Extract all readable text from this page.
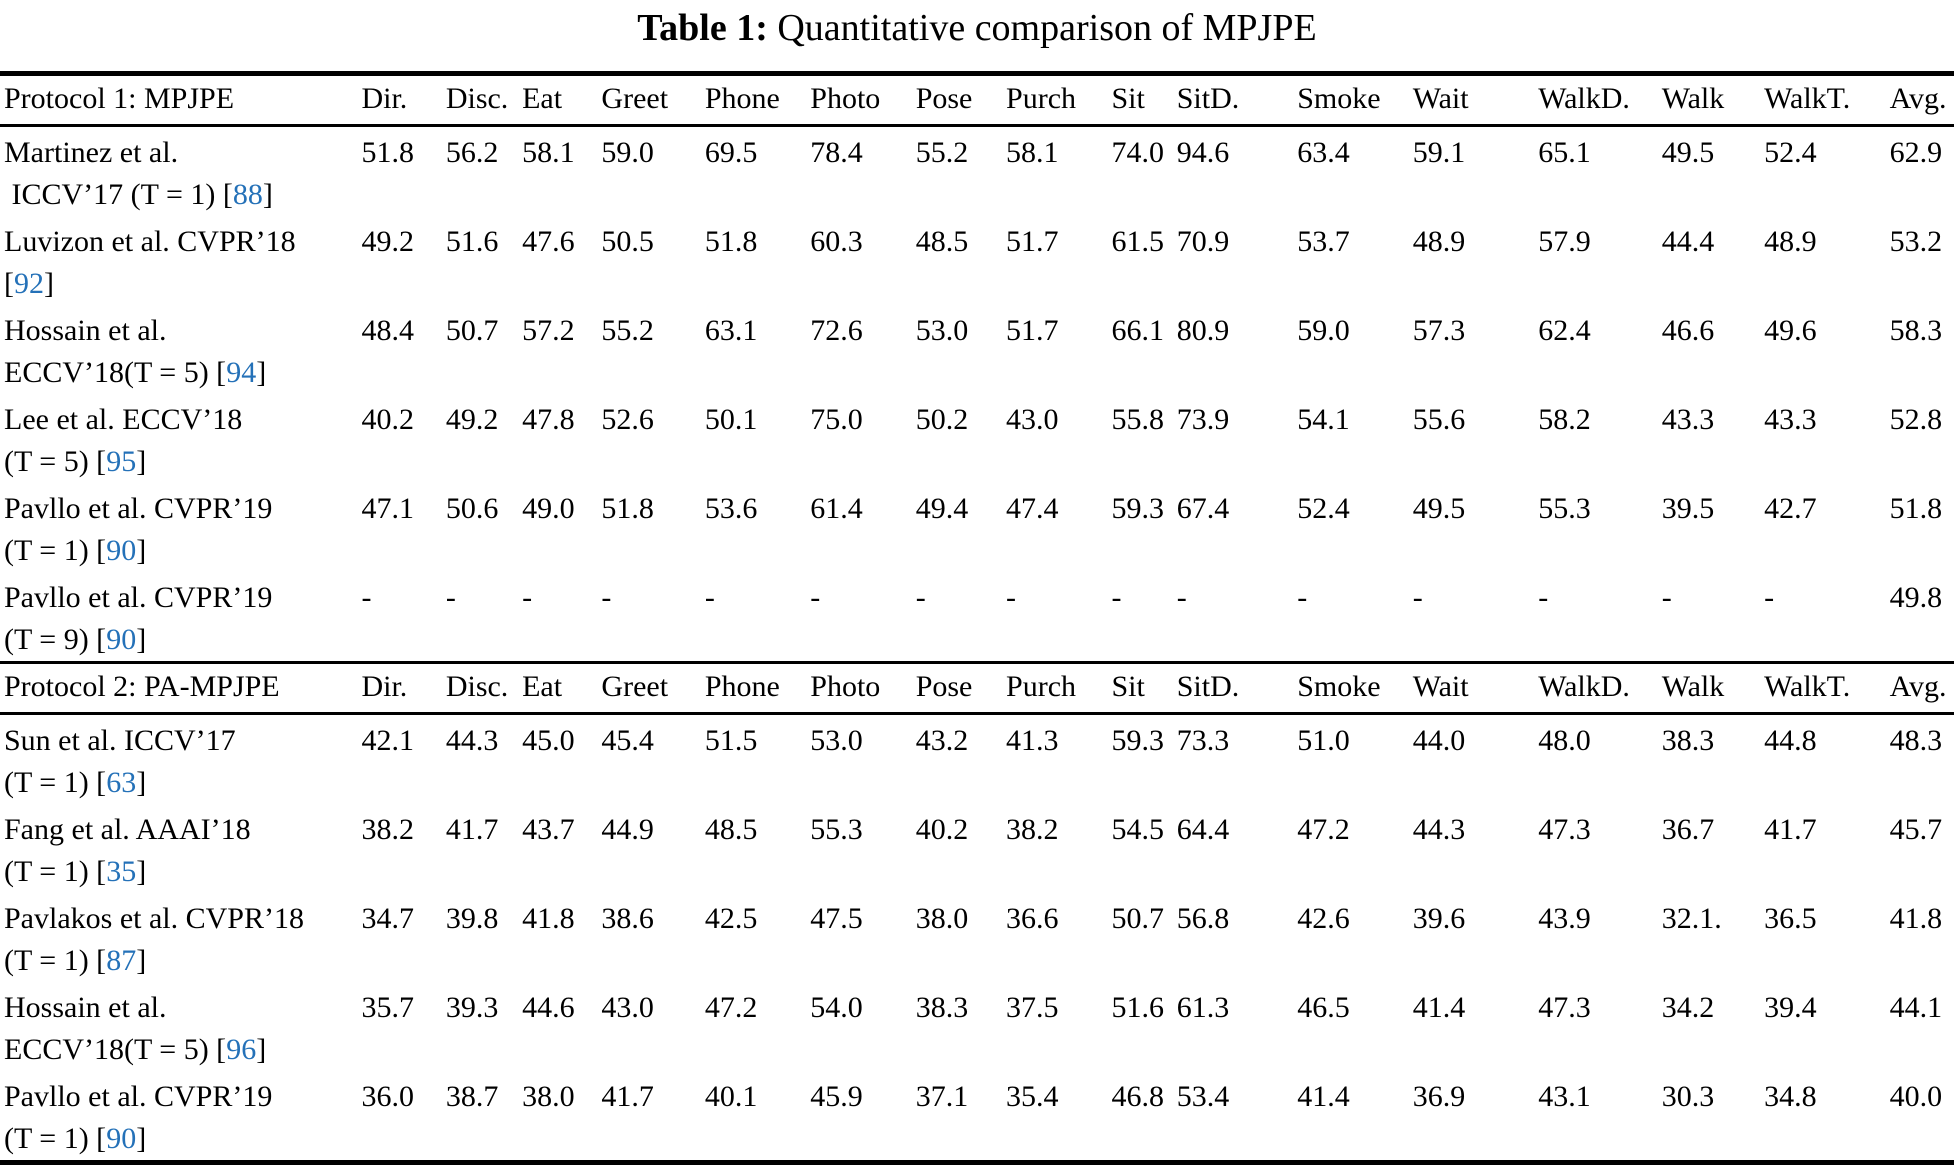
Table 1: Quantitative comparison of MPJPE
Protocol 1: MPJPE	Dir.	Disc.	Eat	Greet	Phone	Photo	Pose	Purch	Sit	SitD.	Smoke	Wait	WalkD.	Walk	WalkT.	Avg.

Martinez et al.
ICCV’17 (T = 1) [88]	51.8	56.2	58.1	59.0	69.5	78.4	55.2	58.1	74.0	94.6	63.4	59.1	65.1	49.5	52.4	62.9

Luvizon et al. CVPR’18
[92]	49.2	51.6	47.6	50.5	51.8	60.3	48.5	51.7	61.5	70.9	53.7	48.9	57.9	44.4	48.9	53.2

Hossain et al.
ECCV’18(T = 5) [94]	48.4	50.7	57.2	55.2	63.1	72.6	53.0	51.7	66.1	80.9	59.0	57.3	62.4	46.6	49.6	58.3

Lee et al. ECCV’18
(T = 5) [95]	40.2	49.2	47.8	52.6	50.1	75.0	50.2	43.0	55.8	73.9	54.1	55.6	58.2	43.3	43.3	52.8

Pavllo et al. CVPR’19
(T = 1) [90]	47.1	50.6	49.0	51.8	53.6	61.4	49.4	47.4	59.3	67.4	52.4	49.5	55.3	39.5	42.7	51.8

Pavllo et al. CVPR’19
(T = 9) [90]	-	-	-	-	-	-	-	-	-	-	-	-	-	-	-	49.8
Protocol 2: PA-MPJPE	Dir.	Disc.	Eat	Greet	Phone	Photo	Pose	Purch	Sit	SitD.	Smoke	Wait	WalkD.	Walk	WalkT.	Avg.

Sun et al. ICCV’17
(T = 1) [63]	42.1	44.3	45.0	45.4	51.5	53.0	43.2	41.3	59.3	73.3	51.0	44.0	48.0	38.3	44.8	48.3

Fang et al. AAAI’18
(T = 1) [35]	38.2	41.7	43.7	44.9	48.5	55.3	40.2	38.2	54.5	64.4	47.2	44.3	47.3	36.7	41.7	45.7

Pavlakos et al. CVPR’18
(T = 1) [87]	34.7	39.8	41.8	38.6	42.5	47.5	38.0	36.6	50.7	56.8	42.6	39.6	43.9	32.1.	36.5	41.8

Hossain et al.
ECCV’18(T = 5) [96]	35.7	39.3	44.6	43.0	47.2	54.0	38.3	37.5	51.6	61.3	46.5	41.4	47.3	34.2	39.4	44.1

Pavllo et al. CVPR’19
(T = 1) [90]	36.0	38.7	38.0	41.7	40.1	45.9	37.1	35.4	46.8	53.4	41.4	36.9	43.1	30.3	34.8	40.0
